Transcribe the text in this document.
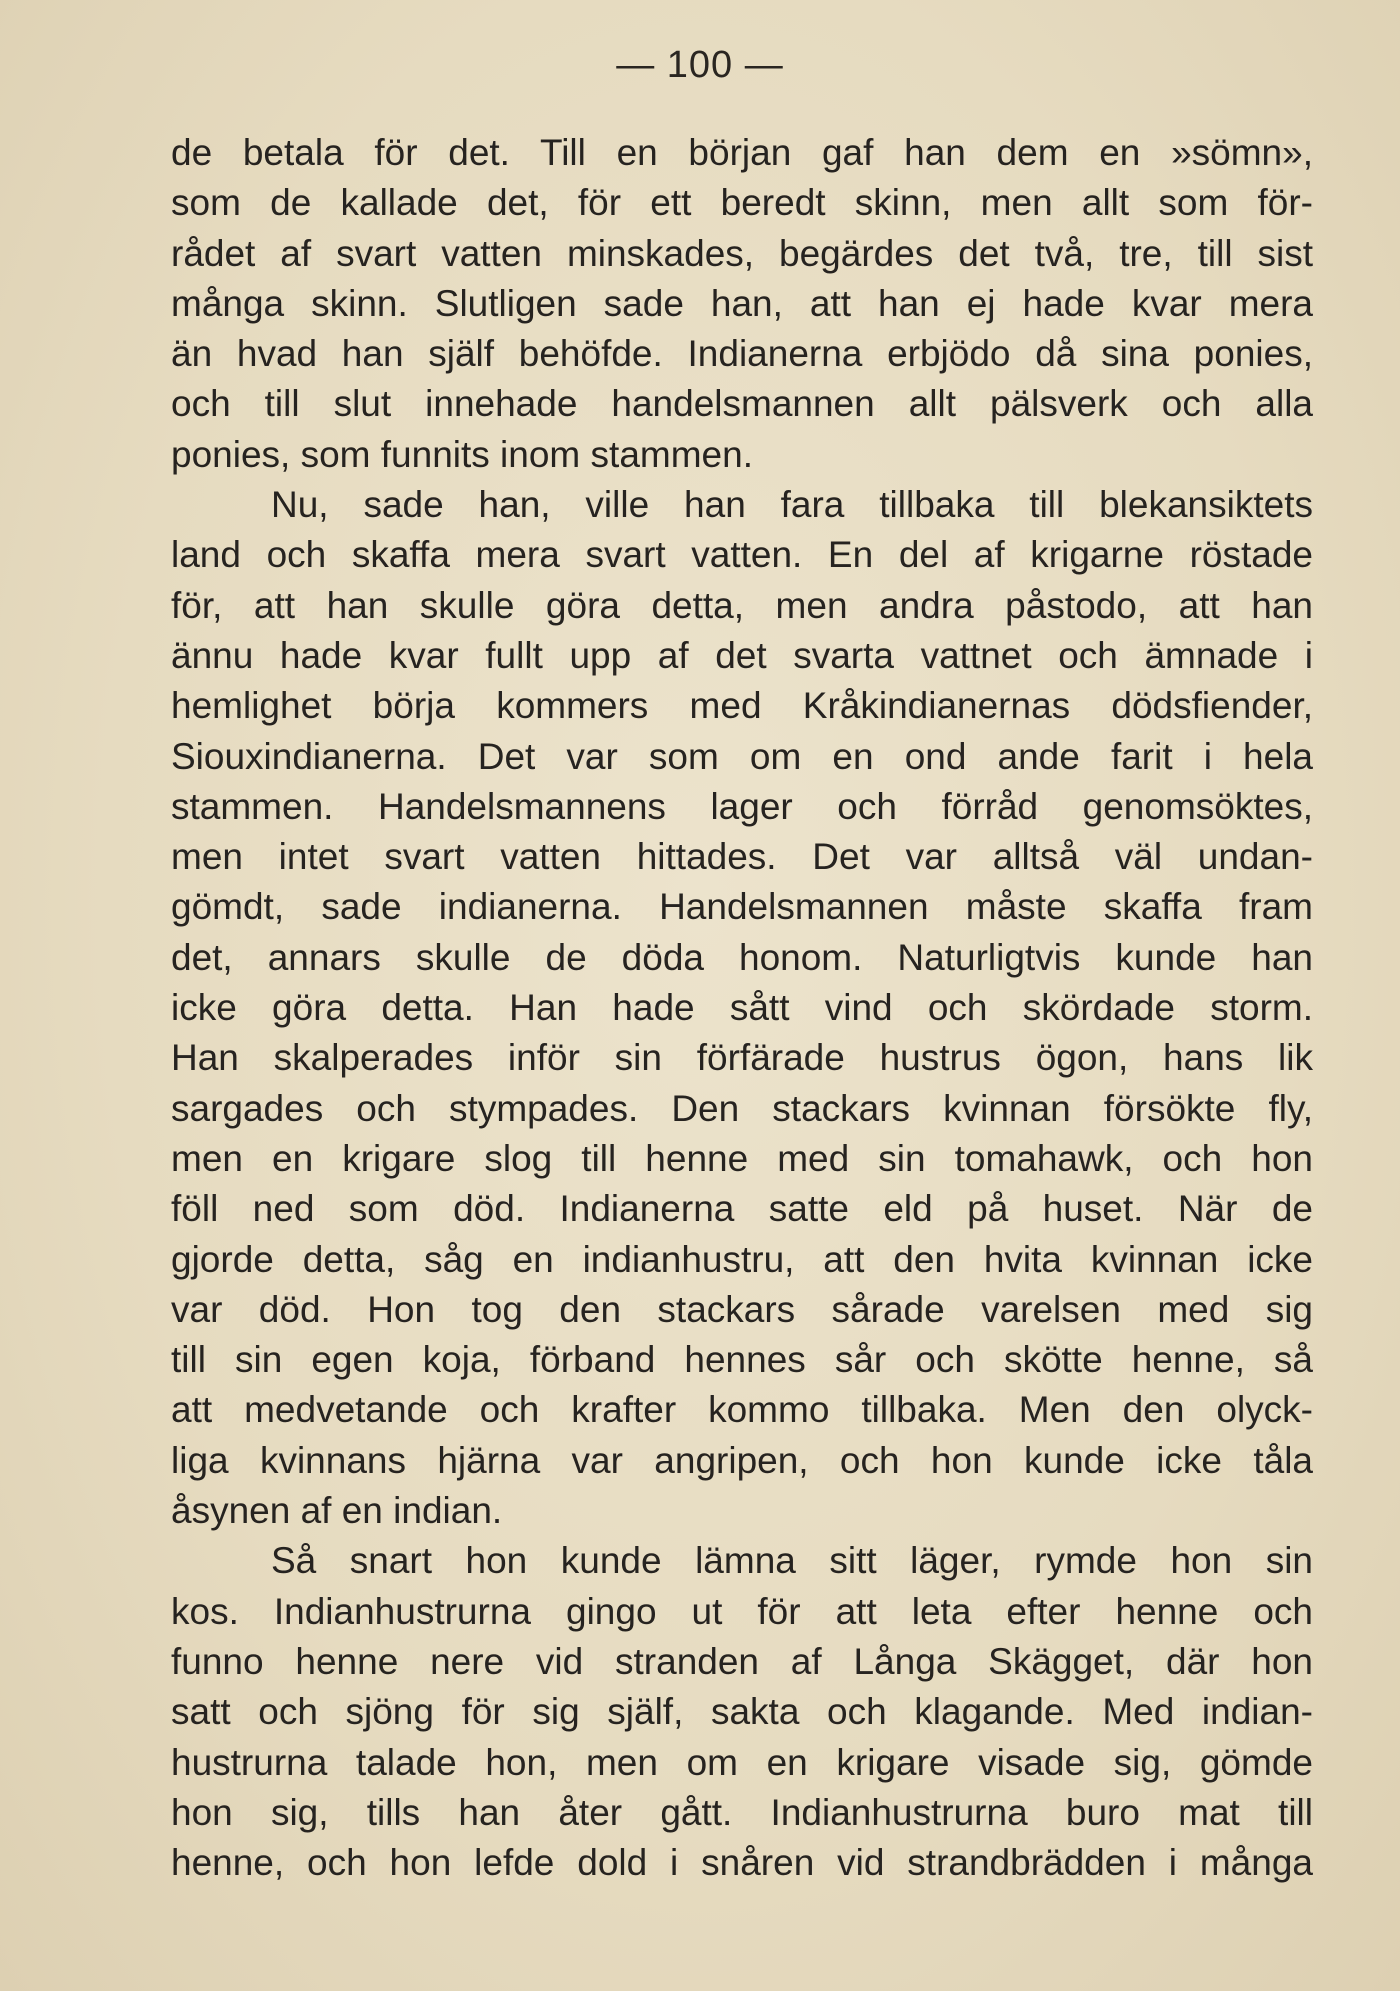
— 100 —
de betala för det. Till en början gaf han dem en »sömn»,
som de kallade det, för ett beredt skinn, men allt som för-
rådet af svart vatten minskades, begärdes det två, tre, till sist
många skinn. Slutligen sade han, att han ej hade kvar mera
än hvad han själf behöfde. Indianerna erbjödo då sina ponies,
och till slut innehade handelsmannen allt pälsverk och alla
ponies, som funnits inom stammen.
Nu, sade han, ville han fara tillbaka till blekansiktets
land och skaffa mera svart vatten. En del af krigarne röstade
för, att han skulle göra detta, men andra påstodo, att han
ännu hade kvar fullt upp af det svarta vattnet och ämnade i
hemlighet börja kommers med Kråkindianernas dödsfiender,
Siouxindianerna. Det var som om en ond ande farit i hela
stammen. Handelsmannens lager och förråd genomsöktes,
men intet svart vatten hittades. Det var alltså väl undan-
gömdt, sade indianerna. Handelsmannen måste skaffa fram
det, annars skulle de döda honom. Naturligtvis kunde han
icke göra detta. Han hade sått vind och skördade storm.
Han skalperades inför sin förfärade hustrus ögon, hans lik
sargades och stympades. Den stackars kvinnan försökte fly,
men en krigare slog till henne med sin tomahawk, och hon
föll ned som död. Indianerna satte eld på huset. När de
gjorde detta, såg en indianhustru, att den hvita kvinnan icke
var död. Hon tog den stackars sårade varelsen med sig
till sin egen koja, förband hennes sår och skötte henne, så
att medvetande och krafter kommo tillbaka. Men den olyck-
liga kvinnans hjärna var angripen, och hon kunde icke tåla
åsynen af en indian.
Så snart hon kunde lämna sitt läger, rymde hon sin
kos. Indianhustrurna gingo ut för att leta efter henne och
funno henne nere vid stranden af Långa Skägget, där hon
satt och sjöng för sig själf, sakta och klagande. Med indian-
hustrurna talade hon, men om en krigare visade sig, gömde
hon sig, tills han åter gått. Indianhustrurna buro mat till
henne, och hon lefde dold i snåren vid strandbrädden i många
